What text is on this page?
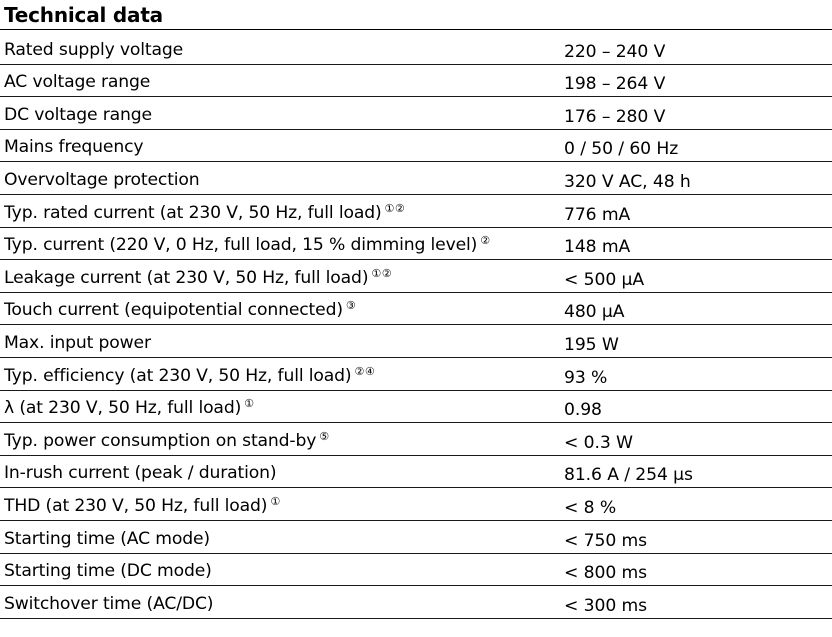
Technical data
Rated supply voltage	220 – 240 V
AC voltage range	198 – 264 V
DC voltage range	176 – 280 V
Mains frequency	0 / 50 / 60 Hz
Overvoltage protection	320 V AC, 48 h
Typ. rated current (at 230 V, 50 Hz, full load) ①②	776 mA
Typ. current (220 V, 0 Hz, full load, 15 % dimming level) ②	148 mA
Leakage current (at 230 V, 50 Hz, full load) ①②	< 500 µA
Touch current (equipotential connected) ③	480 µA
Max. input power	195 W
Typ. efficiency (at 230 V, 50 Hz, full load) ②④	93 %
λ (at 230 V, 50 Hz, full load) ①	0.98
Typ. power consumption on stand-by ⑤	< 0.3 W
In-rush current (peak / duration)	81.6 A / 254 µs
THD (at 230 V, 50 Hz, full load) ①	< 8 %
Starting time (AC mode)	< 750 ms
Starting time (DC mode)	< 800 ms
Switchover time (AC/DC)	< 300 ms
